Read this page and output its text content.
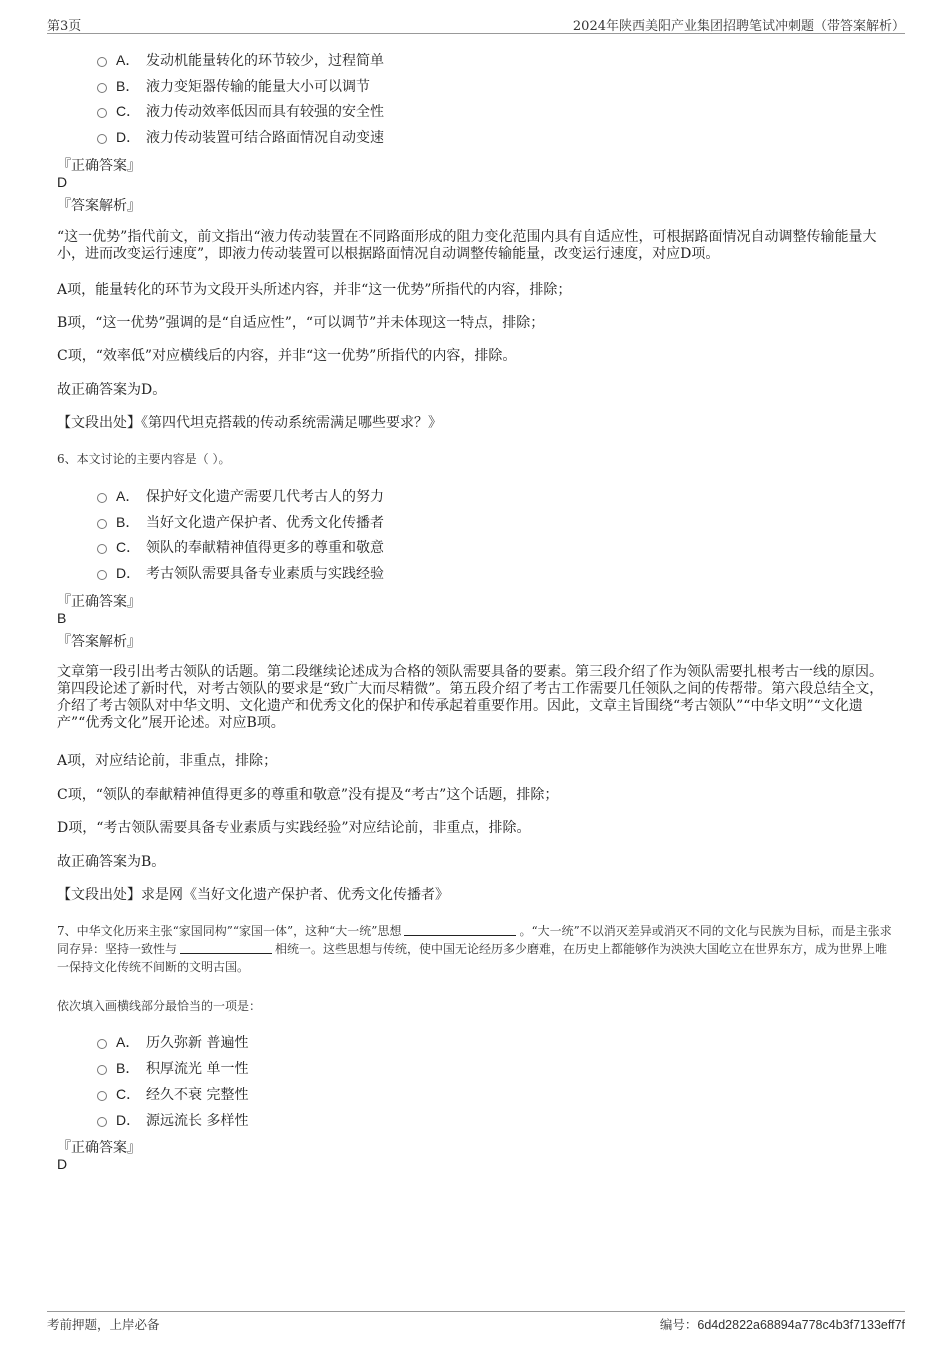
第3页	2024年陕西美阳产业集团招聘笔试冲刺题（带答案解析）
A． 发动机能量转化的环节较少，过程简单
B． 液力变矩器传输的能量大小可以调节
C． 液力传动效率低因而具有较强的安全性
D． 液力传动装置可结合路面情况自动变速
『正确答案』
D
『答案解析』
“这一优势”指代前文，前文指出“液力传动装置在不同路面形成的阻力变化范围内具有自适应性，可根据路面情况自动调整传输能量大小，进而改变运行速度”，即液力传动装置可以根据路面情况自动调整传输能量，改变运行速度，对应D项。
A项，能量转化的环节为文段开头所述内容，并非“这一优势”所指代的内容，排除；
B项，“这一优势”强调的是“自适应性”，“可以调节”并未体现这一特点，排除；
C项，“效率低”对应横线后的内容，并非“这一优势”所指代的内容，排除。
故正确答案为D。
【文段出处】《第四代坦克搭载的传动系统需满足哪些要求？》
6、本文讨论的主要内容是（ ）。
A． 保护好文化遗产需要几代考古人的努力
B． 当好文化遗产保护者、优秀文化传播者
C． 领队的奉献精神值得更多的尊重和敬意
D． 考古领队需要具备专业素质与实践经验
『正确答案』
B
『答案解析』
文章第一段引出考古领队的话题。第二段继续论述成为合格的领队需要具备的要素。第三段介绍了作为领队需要扎根考古一线的原因。第四段论述了新时代，对考古领队的要求是“致广大而尽精微”。第五段介绍了考古工作需要几任领队之间的传帮带。第六段总结全文，介绍了考古领队对中华文明、文化遗产和优秀文化的保护和传承起着重要作用。因此，文章主旨围绕“考古领队”“中华文明”“文化遗产”“优秀文化”展开论述。对应B项。
A项，对应结论前，非重点，排除；
C项，“领队的奉献精神值得更多的尊重和敬意”没有提及“考古”这个话题，排除；
D项，“考古领队需要具备专业素质与实践经验”对应结论前，非重点，排除。
故正确答案为B。
【文段出处】求是网《当好文化遗产保护者、优秀文化传播者》
7、中华文化历来主张“家国同构”“家国一体”，这种“大一统”思想	。“大一统”不以消灭差异或消灭不同的文化与民族为目标，而是主张求同存异：坚持一致性与	相统一。这些思想与传统，使中国无论经历多少磨难，在历史上都能够作为泱泱大国屹立在世界东方，成为世界上唯一保持文化传统不间断的文明古国。
依次填入画横线部分最恰当的一项是：
A． 历久弥新 普遍性
B． 积厚流光 单一性
C． 经久不衰 完整性
D． 源远流长 多样性
『正确答案』
D
考前押题，上岸必备	编号：6d4d2822a68894a778c4b3f7133eff7f
